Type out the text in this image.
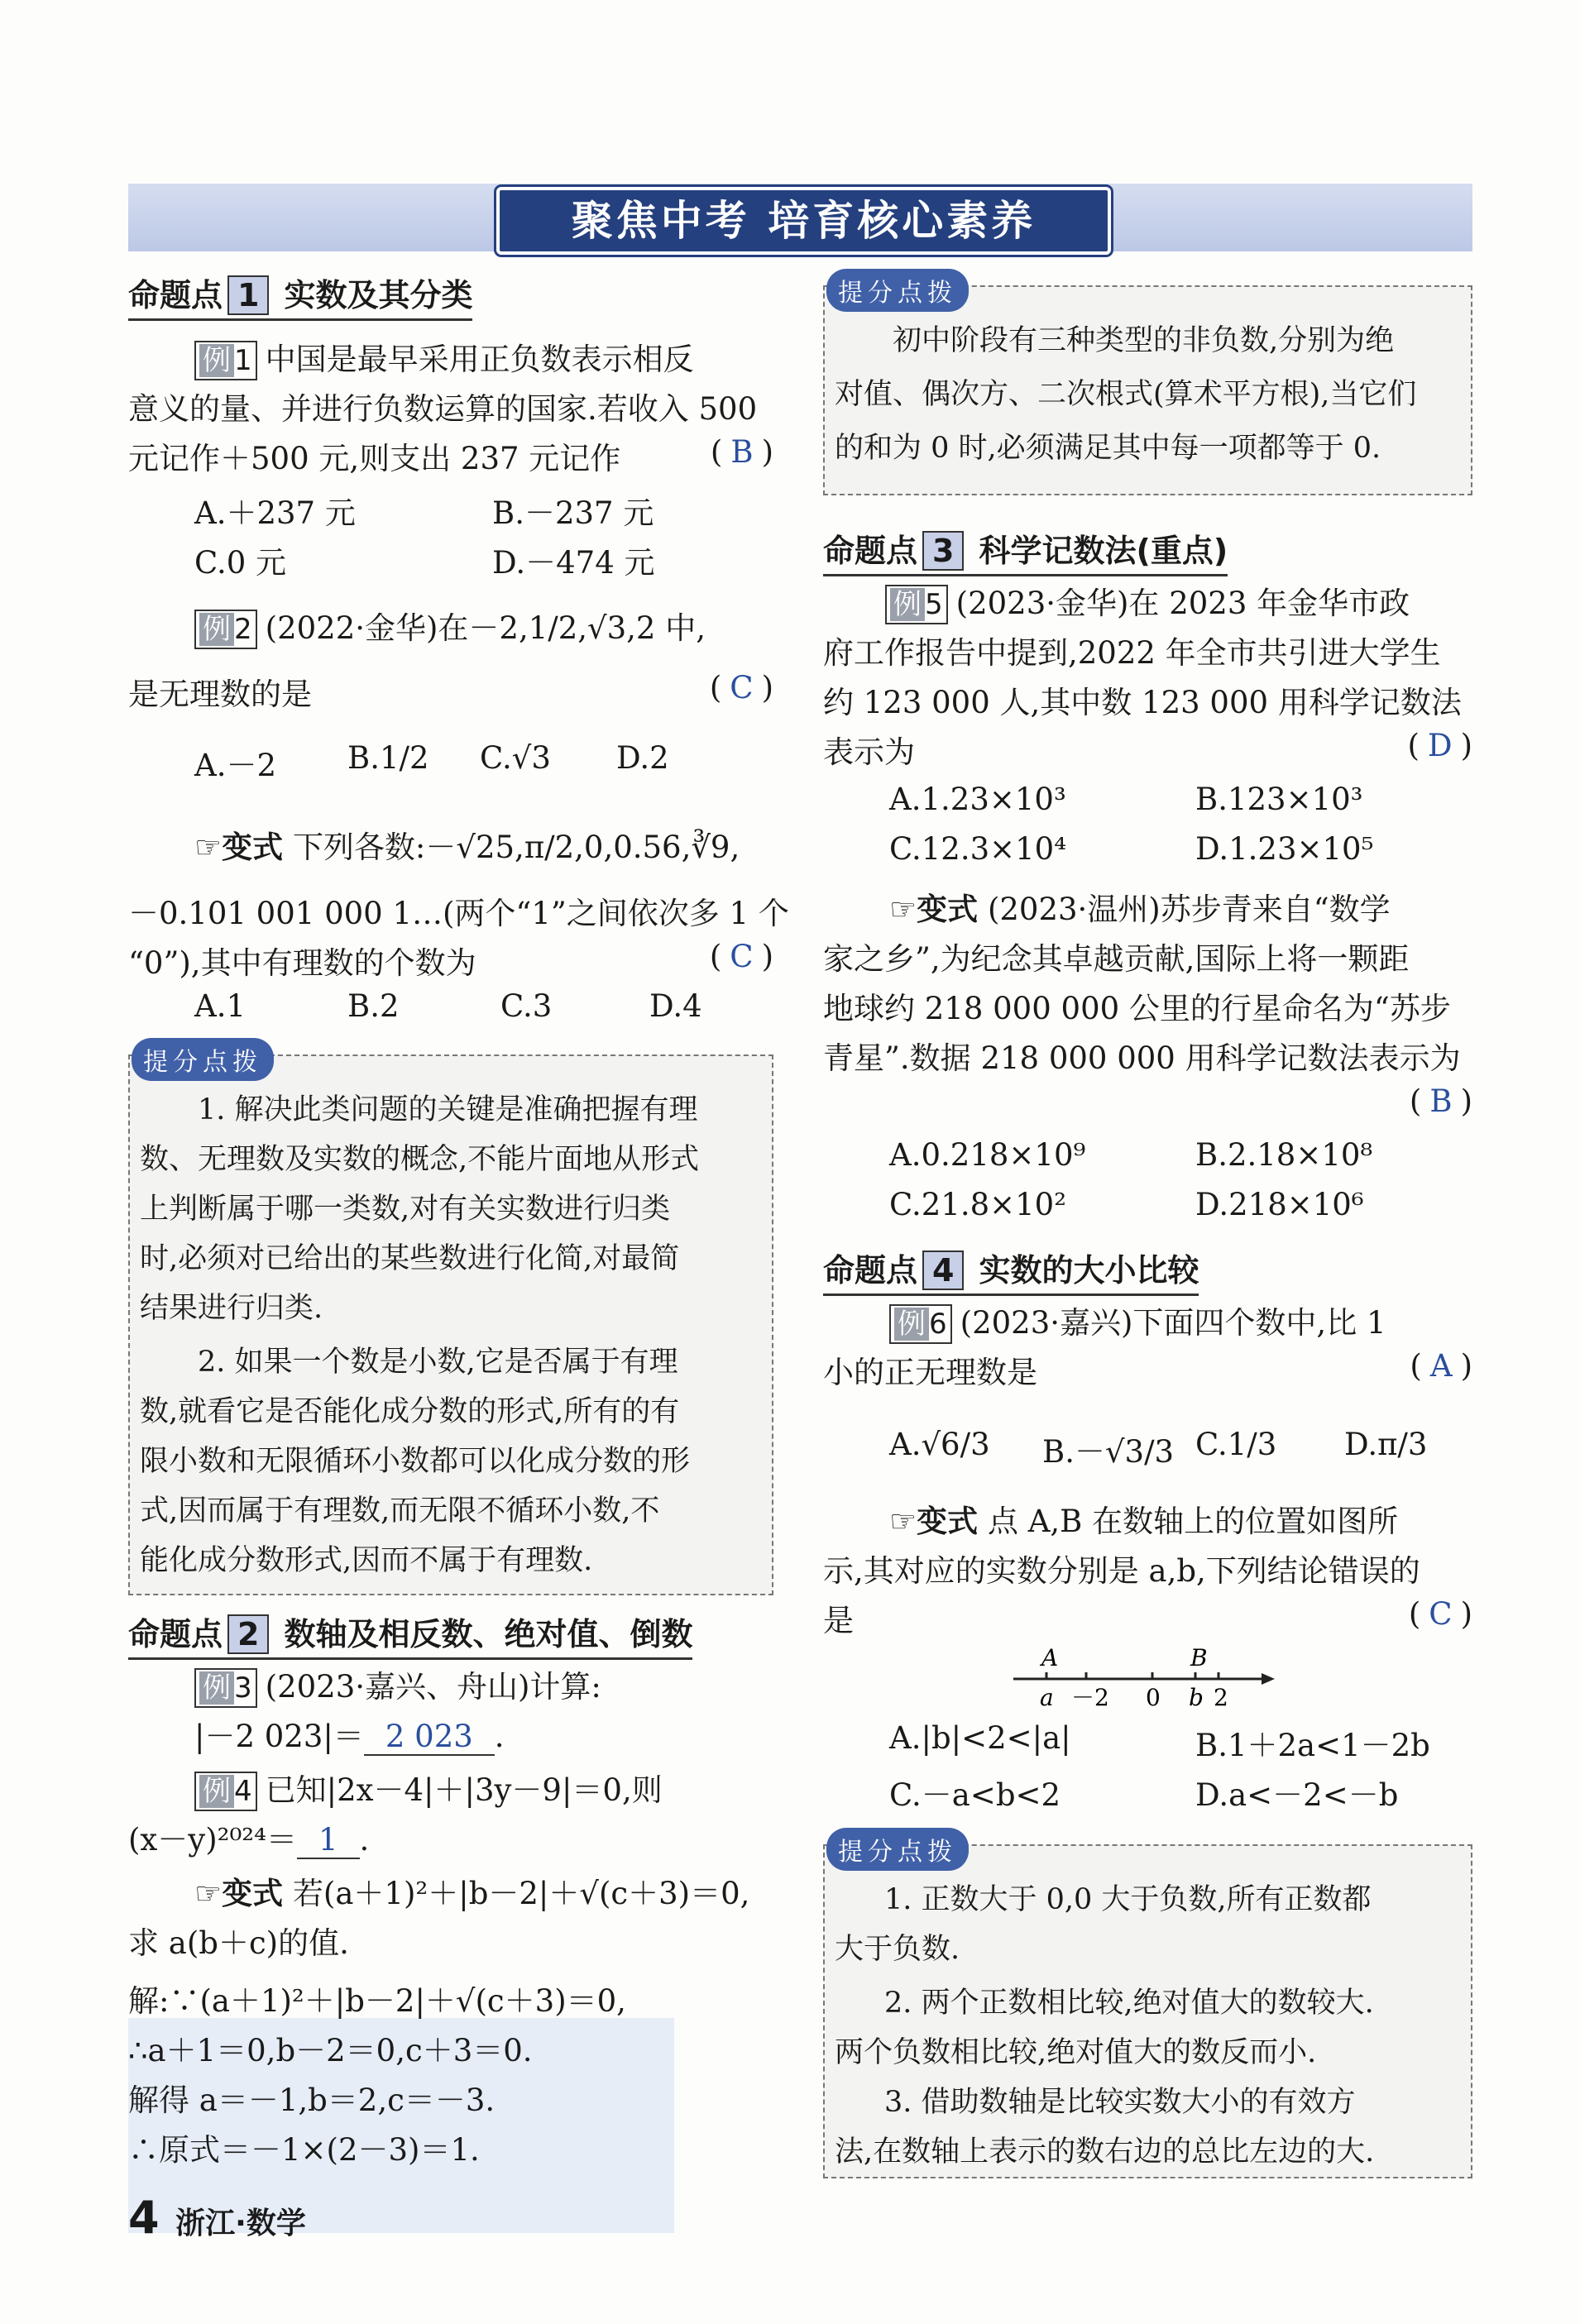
聚焦中考 培育核心素养
命题点 1 实数及其分类
例 1 中国是最早采用正负数表示相反
意义的量、并进行负数运算的国家.若收入 500
元记作＋500 元,则支出 237 元记作	( B )
A.＋237 元	B.－237 元
C.0 元	D.－474 元
例 2 (2022·金华)在－2,1/2,√3,2 中,
是无理数的是	( C )
A.－2 B.1/2 C.√3 D.2
☞变式 下列各数:－√25,π/2,0,0.56,∛9,
－0.101 001 000 1…(两个“1”之间依次多 1 个
“0”),其中有理数的个数为	( C )
A.1	B.2	C.3	D.4
提分点拨
1. 解决此类问题的关键是准确把握有理
数、无理数及实数的概念,不能片面地从形式
上判断属于哪一类数,对有关实数进行归类
时,必须对已给出的某些数进行化简,对最简
结果进行归类.
2. 如果一个数是小数,它是否属于有理
数,就看它是否能化成分数的形式,所有的有
限小数和无限循环小数都可以化成分数的形
式,因而属于有理数,而无限不循环小数,不
能化成分数形式,因而不属于有理数.
命题点 2 数轴及相反数、绝对值、倒数
例 3 (2023·嘉兴、舟山)计算:
|－2 023|＝ 2 023 .
例 4 已知|2x－4|＋|3y－9|＝0,则
(x－y)²⁰²⁴＝ 1 .
☞变式 若(a＋1)²＋|b－2|＋√(c＋3)＝0,
求 a(b＋c)的值.
解:∵(a＋1)²＋|b－2|＋√(c＋3)＝0,
∴a＋1＝0,b－2＝0,c＋3＝0.
解得 a＝－1,b＝2,c＝－3.
∴原式＝－1×(2－3)＝1.
提分点拨
初中阶段有三种类型的非负数,分别为绝
对值、偶次方、二次根式(算术平方根),当它们
的和为 0 时,必须满足其中每一项都等于 0.
命题点 3 科学记数法(重点)
例 5 (2023·金华)在 2023 年金华市政
府工作报告中提到,2022 年全市共引进大学生
约 123 000 人,其中数 123 000 用科学记数法
表示为	( D )
A.1.23×10³	B.123×10³
C.12.3×10⁴	D.1.23×10⁵
☞变式 (2023·温州)苏步青来自“数学
家之乡”,为纪念其卓越贡献,国际上将一颗距
地球约 218 000 000 公里的行星命名为“苏步
青星”.数据 218 000 000 用科学记数法表示为
( B )
A.0.218×10⁹	B.2.18×10⁸
C.21.8×10²	D.218×10⁶
命题点 4 实数的大小比较
例 6 (2023·嘉兴)下面四个数中,比 1
小的正无理数是	( A )
A.√6/3 B.－√3/3 C.1/3 D.π/3
☞变式 点 A,B 在数轴上的位置如图所
示,其对应的实数分别是 a,b,下列结论错误的
是	( C )
A	B
a －2 0 b 2
A.|b|<2<|a|	B.1＋2a<1－2b
C.－a<b<2	D.a<－2<－b
提分点拨
1. 正数大于 0,0 大于负数,所有正数都
大于负数.
2. 两个正数相比较,绝对值大的数较大.
两个负数相比较,绝对值大的数反而小.
3. 借助数轴是比较实数大小的有效方
法,在数轴上表示的数右边的总比左边的大.
4 浙江·数学
